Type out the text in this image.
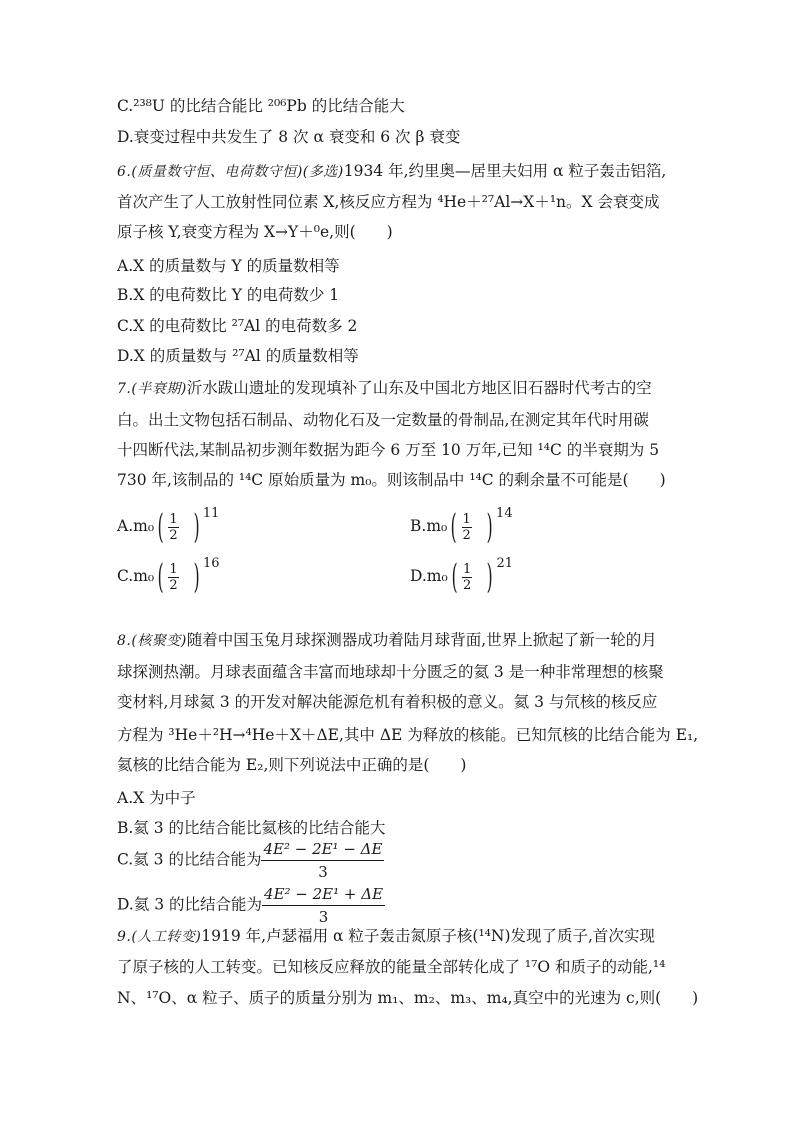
C.²³⁸U 的比结合能比 ²⁰⁶Pb 的比结合能大
D.衰变过程中共发生了 8 次 α 衰变和 6 次 β 衰变
6.(质量数守恒、电荷数守恒)(多选)1934 年,约里奥—居里夫妇用 α 粒子轰击铝箔,
首次产生了人工放射性同位素 X,核反应方程为 ⁴He＋²⁷Al→X＋¹n。X 会衰变成
原子核 Y,衰变方程为 X→Y＋⁰e,则(　　)
A.X 的质量数与 Y 的质量数相等
B.X 的电荷数比 Y 的电荷数少 1
C.X 的电荷数比 ²⁷Al 的电荷数多 2
D.X 的质量数与 ²⁷Al 的质量数相等
7.(半衰期)沂水跋山遗址的发现填补了山东及中国北方地区旧石器时代考古的空
白。出土文物包括石制品、动物化石及一定数量的骨制品,在测定其年代时用碳
十四断代法,某制品初步测年数据为距今 6 万至 10 万年,已知 ¹⁴C 的半衰期为 5
730 年,该制品的 ¹⁴C 原始质量为 m₀。则该制品中 ¹⁴C 的剩余量不可能是(　　)
A.m₀ ( $\frac{1}{2}$ ) $^{11}$
B.m₀ ( $\frac{1}{2}$ ) $^{14}$
C.m₀ ( $\frac{1}{2}$ ) $^{16}$
D.m₀ ( $\frac{1}{2}$ ) $^{21}$
8.(核聚变)随着中国玉兔月球探测器成功着陆月球背面,世界上掀起了新一轮的月
球探测热潮。月球表面蕴含丰富而地球却十分匮乏的氦 3 是一种非常理想的核聚
变材料,月球氦 3 的开发对解决能源危机有着积极的意义。氦 3 与氘核的核反应
方程为 ³He＋²H→⁴He＋X＋ΔE,其中 ΔE 为释放的核能。已知氘核的比结合能为 E₁,
氦核的比结合能为 E₂,则下列说法中正确的是(　　)
A.X 为中子
B.氦 3 的比结合能比氦核的比结合能大
C.氦 3 的比结合能为 $\frac{\text{4E² − 2E¹ − ΔE}}{3}$
D.氦 3 的比结合能为 $\frac{\text{4E² − 2E¹ + ΔE}}{3}$
9.(人工转变)1919 年,卢瑟福用 α 粒子轰击氮原子核(¹⁴N)发现了质子,首次实现
了原子核的人工转变。已知核反应释放的能量全部转化成了 ¹⁷O 和质子的动能,¹⁴
N、¹⁷O、α 粒子、质子的质量分别为 m₁、m₂、m₃、m₄,真空中的光速为 c,则(　　)
